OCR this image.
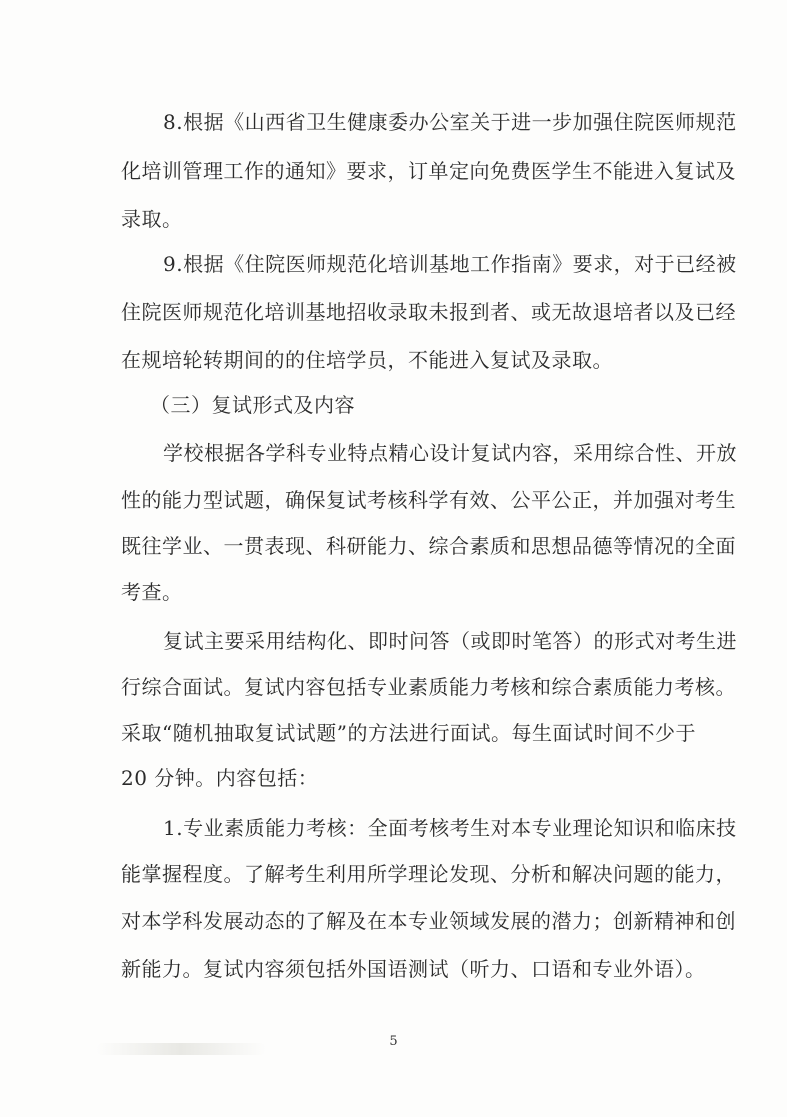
8.根据《山西省卫生健康委办公室关于进一步加强住院医师规范
化培训管理工作的通知》要求，订单定向免费医学生不能进入复试及
录取。
9.根据《住院医师规范化培训基地工作指南》要求，对于已经被
住院医师规范化培训基地招收录取未报到者、或无故退培者以及已经
在规培轮转期间的的住培学员，不能进入复试及录取。
（三）复试形式及内容
学校根据各学科专业特点精心设计复试内容，采用综合性、开放
性的能力型试题，确保复试考核科学有效、公平公正，并加强对考生
既往学业、一贯表现、科研能力、综合素质和思想品德等情况的全面
考查。
复试主要采用结构化、即时问答（或即时笔答）的形式对考生进
行综合面试。复试内容包括专业素质能力考核和综合素质能力考核。
采取“随机抽取复试试题”的方法进行面试。每生面试时间不少于
20 分钟。内容包括：
1.专业素质能力考核：全面考核考生对本专业理论知识和临床技
能掌握程度。了解考生利用所学理论发现、分析和解决问题的能力，
对本学科发展动态的了解及在本专业领域发展的潜力；创新精神和创
新能力。复试内容须包括外国语测试（听力、口语和专业外语）。
5
